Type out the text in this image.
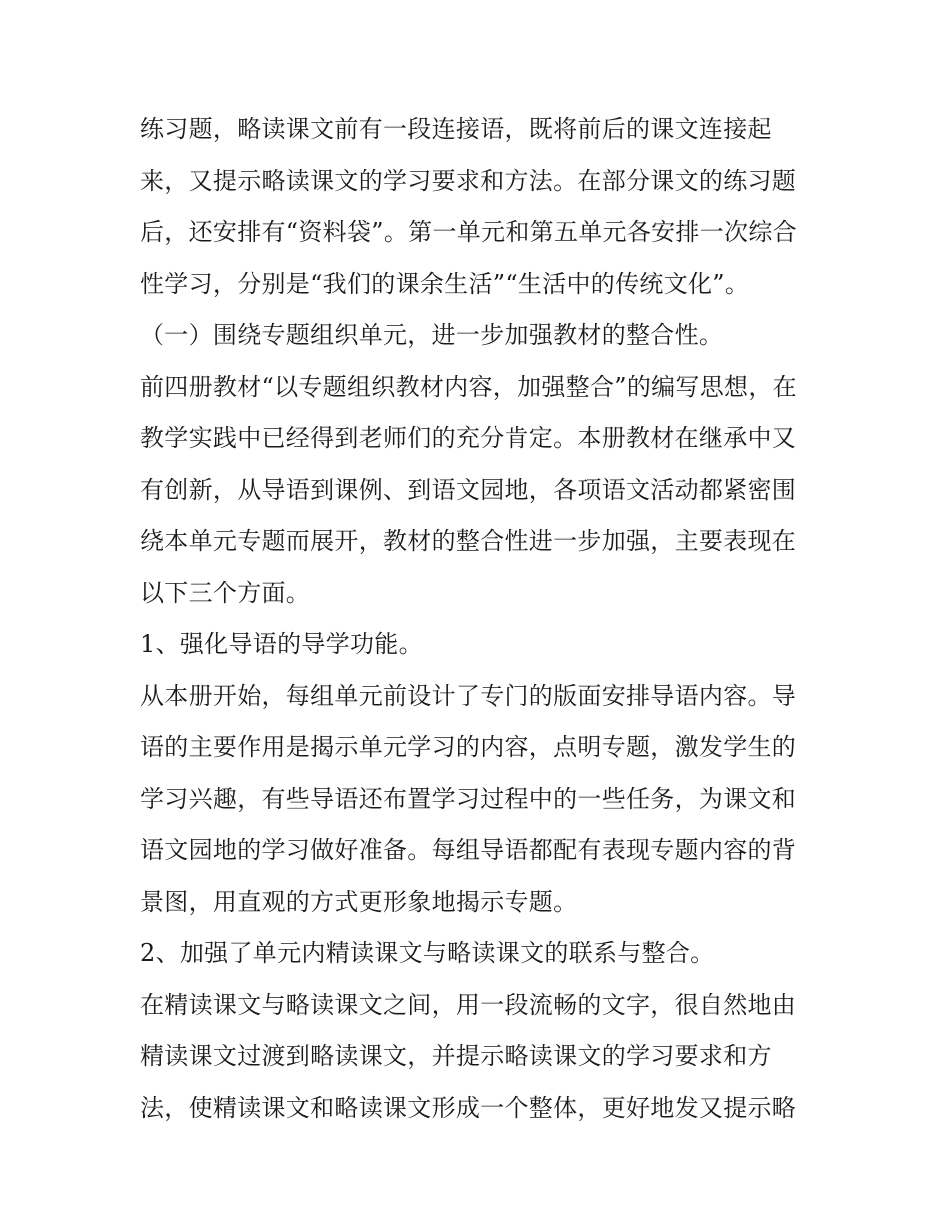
练习题，略读课文前有一段连接语，既将前后的课文连接起
来，又提示略读课文的学习要求和方法。在部分课文的练习题
后，还安排有“资料袋”。第一单元和第五单元各安排一次综合
性学习，分别是“我们的课余生活”“生活中的传统文化”。
（一）围绕专题组织单元，进一步加强教材的整合性。
前四册教材“以专题组织教材内容，加强整合”的编写思想，在
教学实践中已经得到老师们的充分肯定。本册教材在继承中又
有创新，从导语到课例、到语文园地，各项语文活动都紧密围
绕本单元专题而展开，教材的整合性进一步加强，主要表现在
以下三个方面。
1、强化导语的导学功能。
从本册开始，每组单元前设计了专门的版面安排导语内容。导
语的主要作用是揭示单元学习的内容，点明专题，激发学生的
学习兴趣，有些导语还布置学习过程中的一些任务，为课文和
语文园地的学习做好准备。每组导语都配有表现专题内容的背
景图，用直观的方式更形象地揭示专题。
2、加强了单元内精读课文与略读课文的联系与整合。
在精读课文与略读课文之间，用一段流畅的文字，很自然地由
精读课文过渡到略读课文，并提示略读课文的学习要求和方
法，使精读课文和略读课文形成一个整体，更好地发又提示略
